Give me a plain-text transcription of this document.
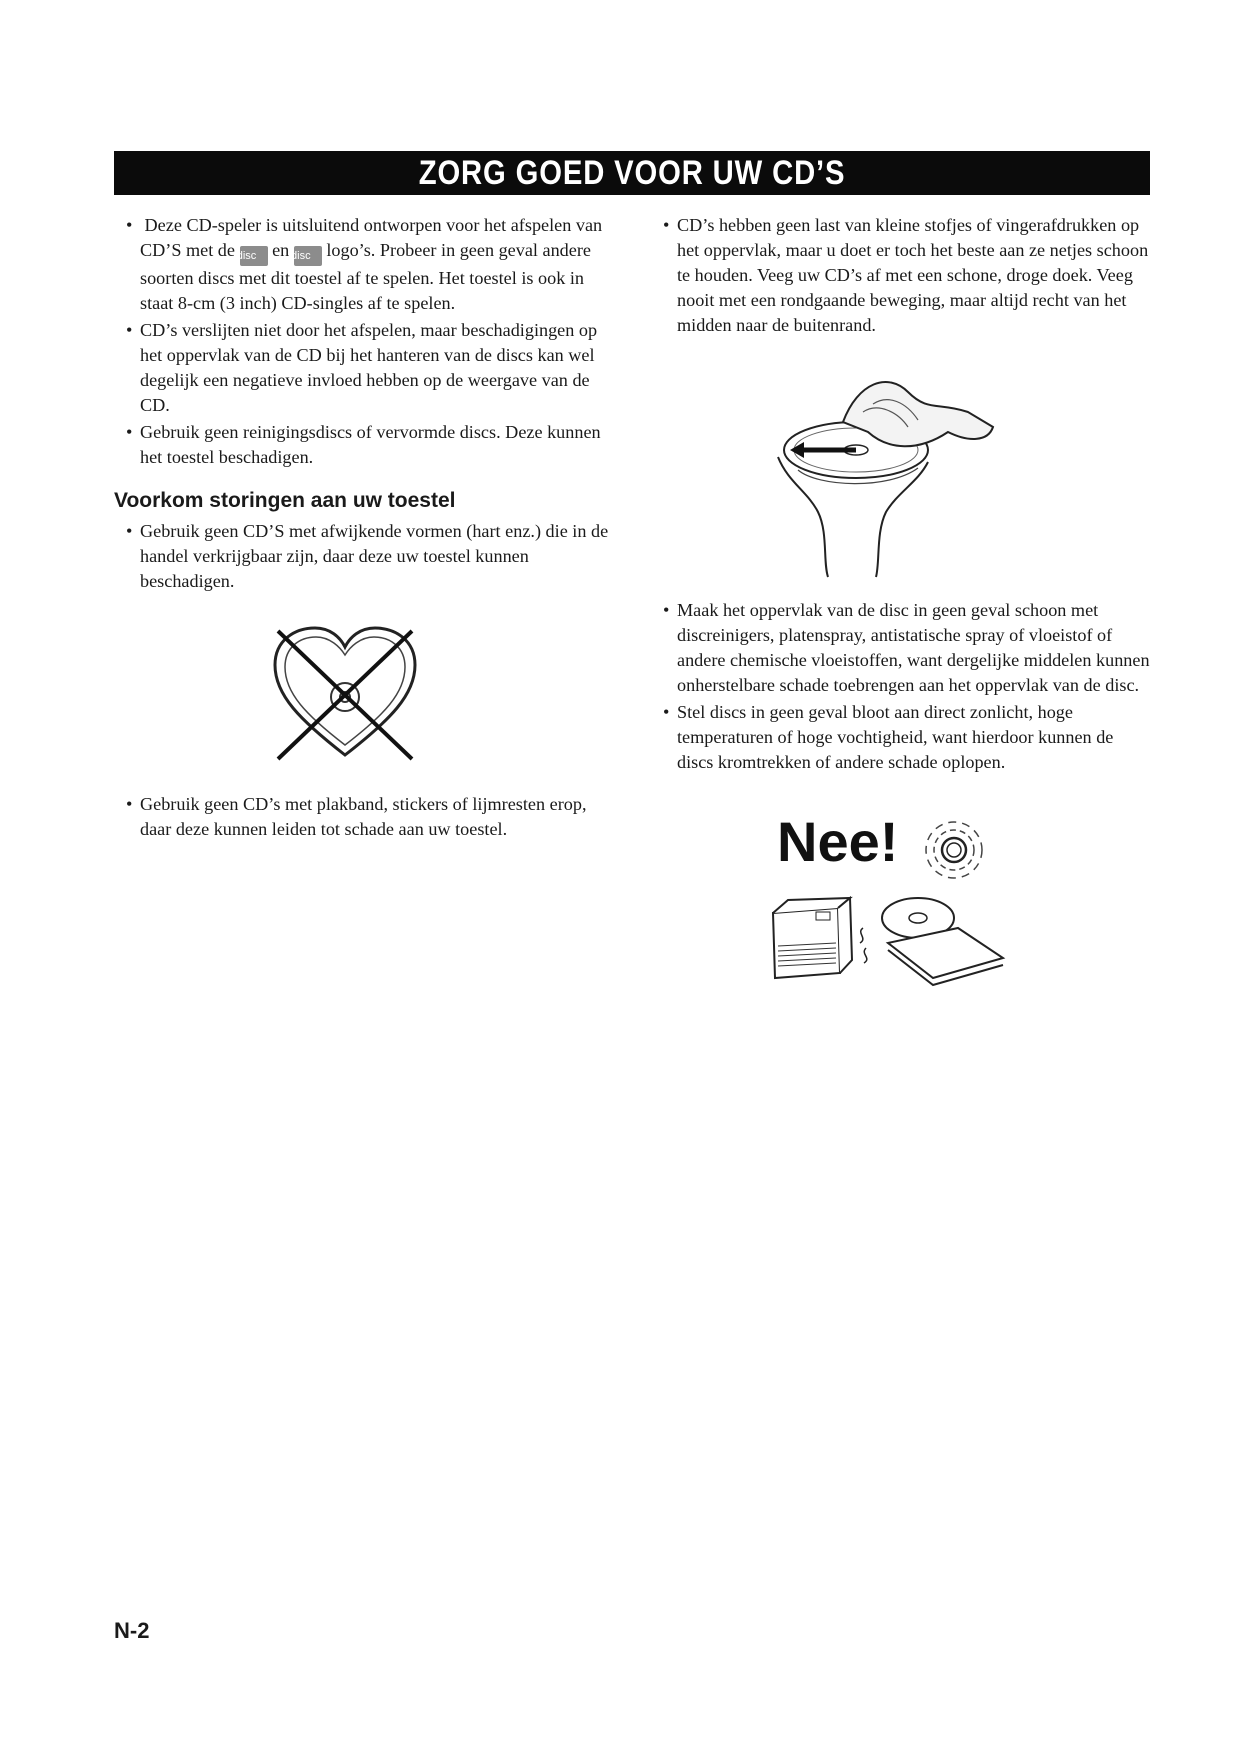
ZORG GOED VOOR UW CD’S
• Deze CD-speler is uitsluitend ontworpen voor het afspelen van CD’S met de disc en disc logo’s. Probeer in geen geval andere soorten discs met dit toestel af te spelen. Het toestel is ook in staat 8-cm (3 inch) CD-singles af te spelen.
• CD’s verslijten niet door het afspelen, maar beschadigingen op het oppervlak van de CD bij het hanteren van de discs kan wel degelijk een negatieve invloed hebben op de weergave van de CD.
• Gebruik geen reinigingsdiscs of vervormde discs. Deze kunnen het toestel beschadigen.
Voorkom storingen aan uw toestel
• Gebruik geen CD’S met afwijkende vormen (hart enz.) die in de handel verkrijgbaar zijn, daar deze uw toestel kunnen beschadigen.
• Gebruik geen CD’s met plakband, stickers of lijmresten erop, daar deze kunnen leiden tot schade aan uw toestel.
• CD’s hebben geen last van kleine stofjes of vingerafdrukken op het oppervlak, maar u doet er toch het beste aan ze netjes schoon te houden. Veeg uw CD’s af met een schone, droge doek. Veeg nooit met een rondgaande beweging, maar altijd recht van het midden naar de buitenrand.
• Maak het oppervlak van de disc in geen geval schoon met discreinigers, platenspray, antistatische spray of vloeistof of andere chemische vloeistoffen, want dergelijke middelen kunnen onherstelbare schade toebrengen aan het oppervlak van de disc.
• Stel discs in geen geval bloot aan direct zonlicht, hoge temperaturen of hoge vochtigheid, want hierdoor kunnen de discs kromtrekken of andere schade oplopen.
Nee!
N-2
